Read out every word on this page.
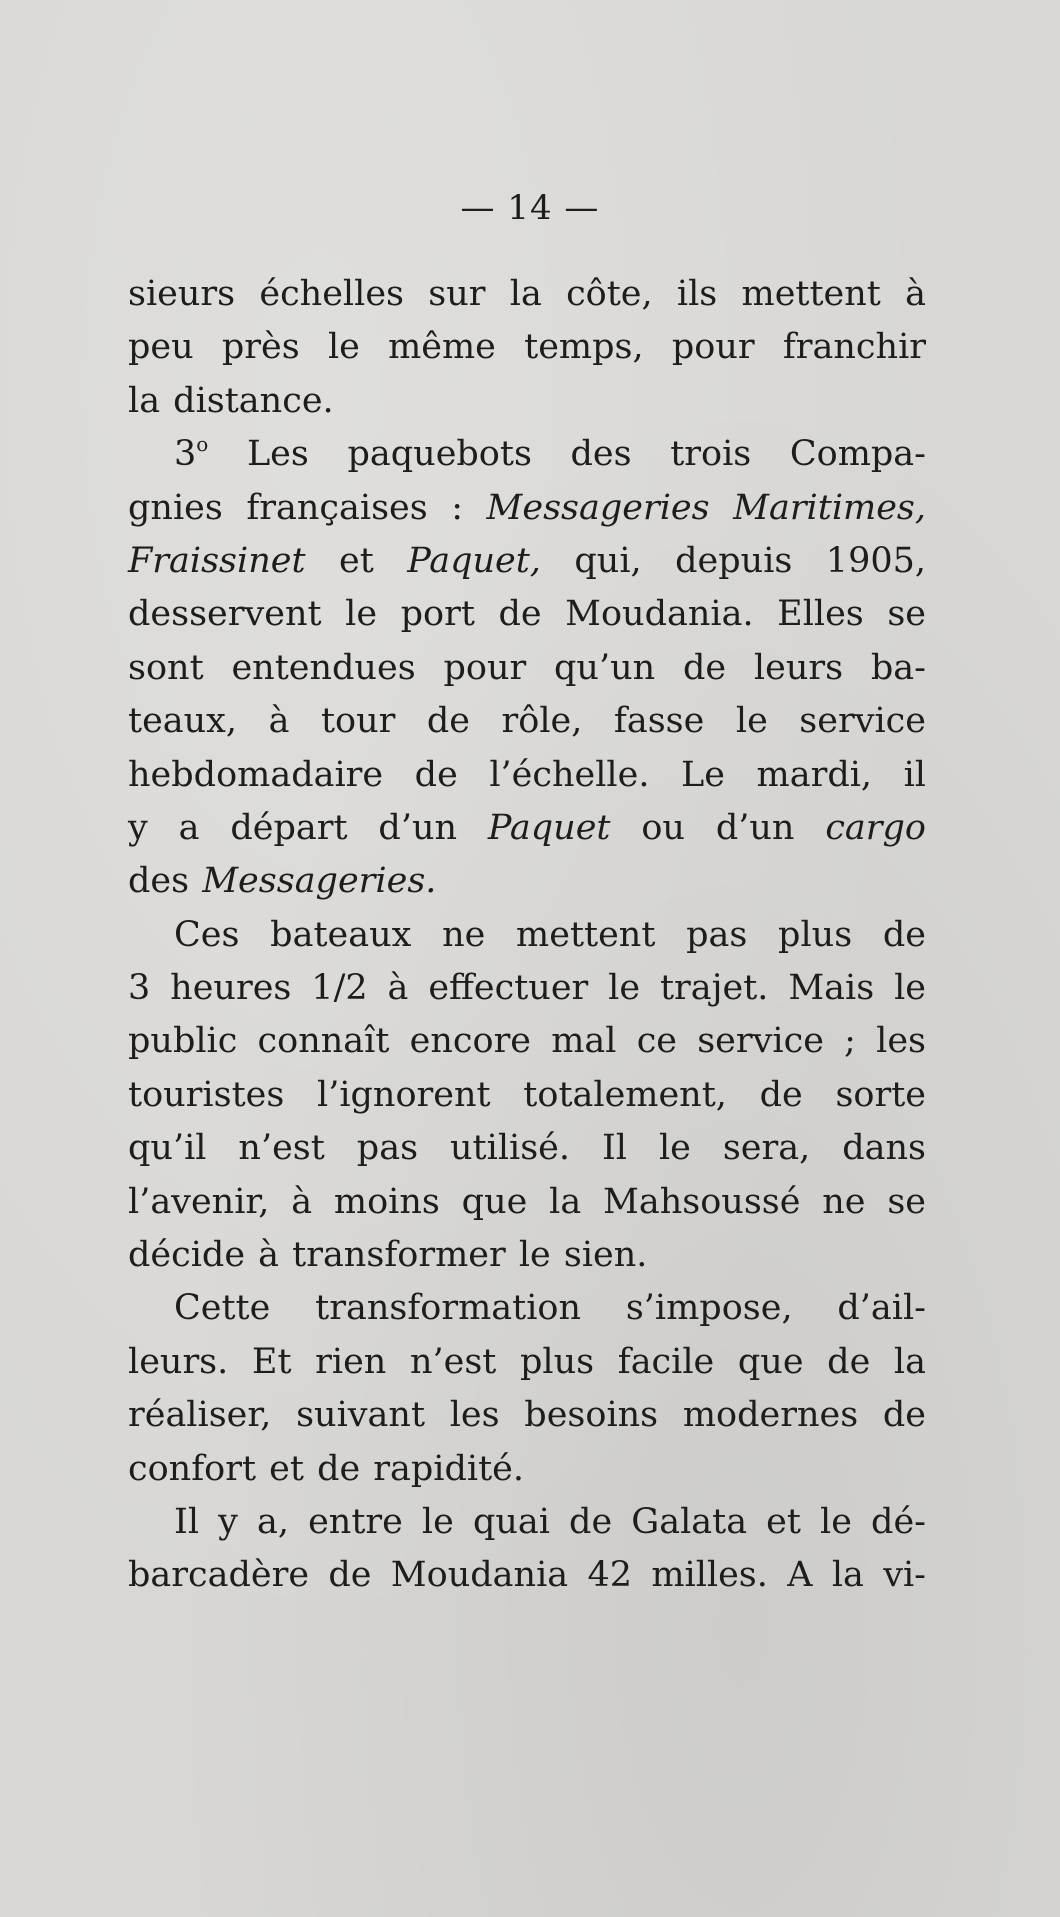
— 14 —
sieurs échelles sur la côte, ils mettent à
peu près le même temps, pour franchir
la distance.
3$^o$ Les paquebots des trois Compa-
gnies françaises : Messageries Maritimes,
Fraissinet et Paquet, qui, depuis 1905,
desservent le port de Moudania. Elles se
sont entendues pour qu’un de leurs ba-
teaux, à tour de rôle, fasse le service
hebdomadaire de l’échelle. Le mardi, il
y a départ d’un Paquet ou d’un cargo
des Messageries.
Ces bateaux ne mettent pas plus de
3 heures 1/2 à effectuer le trajet. Mais le
public connaît encore mal ce service ; les
touristes l’ignorent totalement, de sorte
qu’il n’est pas utilisé. Il le sera, dans
l’avenir, à moins que la Mahsoussé ne se
décide à transformer le sien.
Cette transformation s’impose, d’ail-
leurs. Et rien n’est plus facile que de la
réaliser, suivant les besoins modernes de
confort et de rapidité.
Il y a, entre le quai de Galata et le dé-
barcadère de Moudania 42 milles. A la vi-
